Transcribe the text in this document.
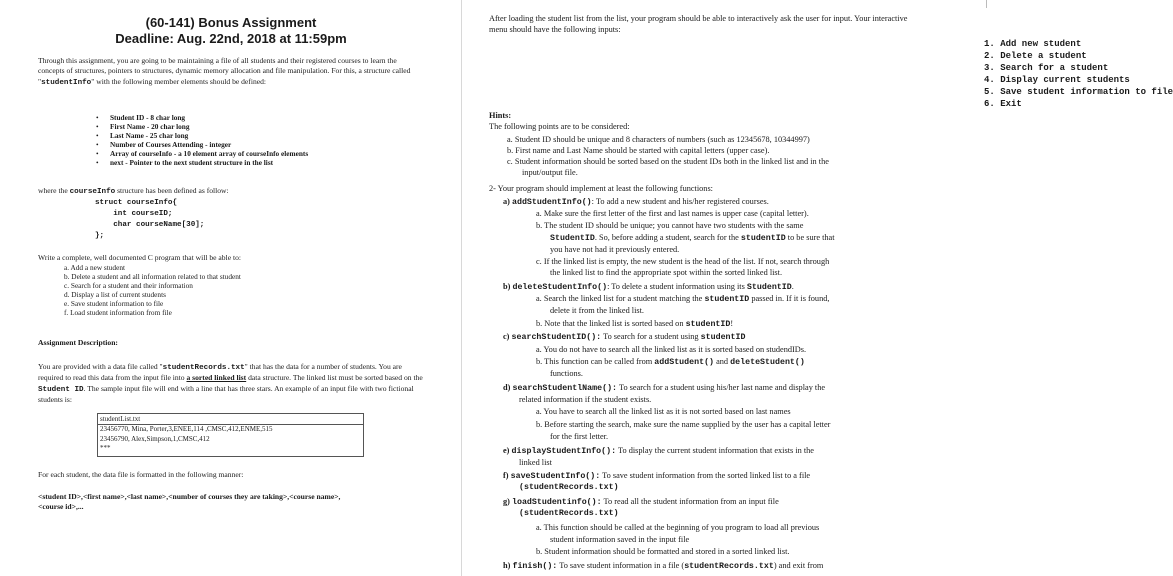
(60-141) Bonus Assignment
Deadline: Aug. 22nd, 2018 at 11:59pm
Through this assignment, you are going to be maintaining a file of all students and their registered courses to learn the concepts of structures, pointers to structures, dynamic memory allocation and file manipulation. For this, a structure called "studentInfo" with the following member elements should be defined:
• Student ID - 8 char long
• First Name - 20 char long
• Last Name - 25 char long
• Number of Courses Attending - integer
• Array of courseInfo - a 10 element array of courseInfo elements
• next - Pointer to the next student structure in the list
where the courseInfo structure has been defined as follow:
struct courseInfo{
int courseID;
char courseName[30];
};
Write a complete, well documented C program that will be able to:
a. Add a new student
b. Delete a student and all information related to that student
c. Search for a student and their information
d. Display a list of current students
e. Save student information to file
f. Load student information from file
Assignment Description:
You are provided with a data file called "studentRecords.txt" that has the data for a number of students. You are required to read this data from the input file into a sorted linked list data structure. The linked list must be sorted based on the Student ID. The sample input file will end with a line that has three stars. An example of an input file with two fictional students is:
studentList.txt
23456770, Mina, Porter,3,ENEE,114 ,CMSC,412,ENME,515
23456790, Alex,Simpson,1,CMSC,412
***
For each student, the data file is formatted in the following manner:
<student ID>,<first name>,<last name>,<number of courses they are taking>,<course name>,
<course id>,...
After loading the student list from the list, your program should be able to interactively ask the user for input. Your interactive menu should have the following inputs:
1. Add new student
2. Delete a student
3. Search for a student
4. Display current students
5. Save student information to file
6. Exit
Hints:
The following points are to be considered:
a. Student ID should be unique and 8 characters of numbers (such as 12345678, 10344997)
b. First name and Last Name should be started with capital letters (upper case).
c. Student information should be sorted based on the student IDs both in the linked list and in the
input/output file.
2- Your program should implement at least the following functions:
a) addStudentInfo(): To add a new student and his/her registered courses.
a. Make sure the first letter of the first and last names is upper case (capital letter).
b. The student ID should be unique; you cannot have two students with the same
StudentID. So, before adding a student, search for the studentID to be sure that
you have not had it previously entered.
c. If the linked list is empty, the new student is the head of the list. If not, search through
the linked list to find the appropriate spot within the sorted linked list.
b) deleteStudentInfo(): To delete a student information using its StudentID.
a. Search the linked list for a student matching the studentID passed in. If it is found,
delete it from the linked list.
b. Note that the linked list is sorted based on studentID!
c) searchStudentID(): To search for a student using studentID
a. You do not have to search all the linked list as it is sorted based on studendIDs.
b. This function can be called from addStudent() and deleteStudent()
functions.
d) searchStudentlName(): To search for a student using his/her last name and display the
related information if the student exists.
a. You have to search all the linked list as it is not sorted based on last names
b. Before starting the search, make sure the name supplied by the user has a capital letter
for the first letter.
e) displayStudentInfo(): To display the current student information that exists in the
linked list
f) saveStudentInfo(): To save student information from the sorted linked list to a file
(studentRecords.txt)
g) loadStudentinfo(): To read all the student information from an input file
(studentRecords.txt)
a. This function should be called at the beginning of you program to load all previous
student information saved in the input file
b. Student information should be formatted and stored in a sorted linked list.
h) finish(): To save student information in a file (studentRecords.txt) and exit from
